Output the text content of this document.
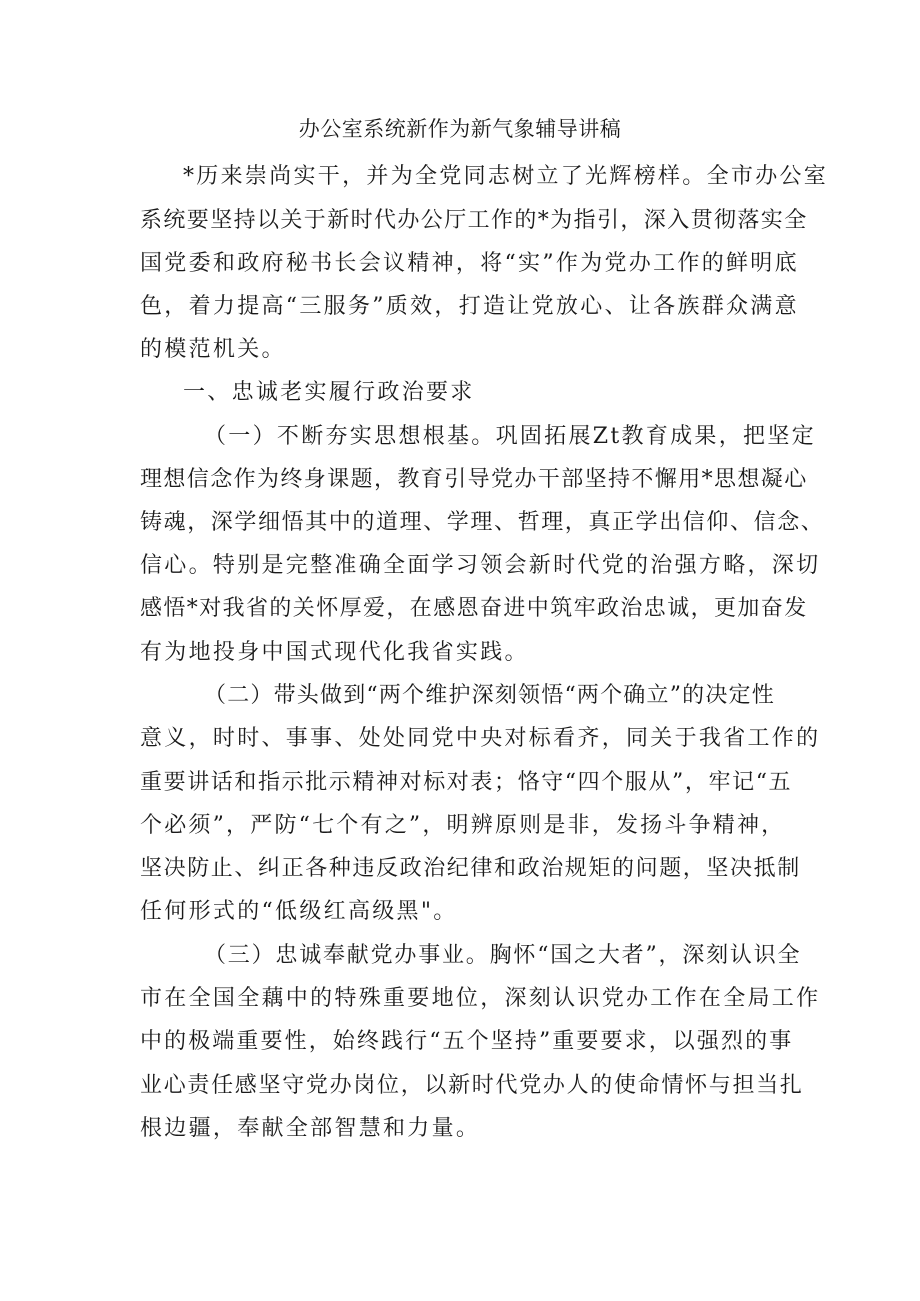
办公室系统新作为新气象辅导讲稿

*历来崇尚实干，并为全党同志树立了光辉榜样。全市办公室

系统要坚持以关于新时代办公厅工作的*为指引，深入贯彻落实全

国党委和政府秘书长会议精神，将“实”作为党办工作的鲜明底

色，着力提高“三服务”质效，打造让党放心、让各族群众满意

的模范机关。

一、忠诚老实履行政治要求

（一）不断夯实思想根基。巩固拓展Zt教育成果，把坚定

理想信念作为终身课题，教育引导党办干部坚持不懈用*思想凝心

铸魂，深学细悟其中的道理、学理、哲理，真正学出信仰、信念、

信心。特别是完整准确全面学习领会新时代党的治强方略，深切

感悟*对我省的关怀厚爱，在感恩奋进中筑牢政治忠诚，更加奋发

有为地投身中国式现代化我省实践。

（二）带头做到“两个维护深刻领悟“两个确立”的决定性

意义，时时、事事、处处同党中央对标看齐，同关于我省工作的

重要讲话和指示批示精神对标对表；恪守“四个服从”，牢记“五

个必须”，严防“七个有之”，明辨原则是非，发扬斗争精神，

坚决防止、纠正各种违反政治纪律和政治规矩的问题，坚决抵制

任何形式的“低级红高级黑"。

（三）忠诚奉献党办事业。胸怀“国之大者”，深刻认识全

市在全国全藕中的特殊重要地位，深刻认识党办工作在全局工作

中的极端重要性，始终践行“五个坚持”重要要求，以强烈的事

业心责任感坚守党办岗位，以新时代党办人的使命情怀与担当扎

根边疆，奉献全部智慧和力量。
